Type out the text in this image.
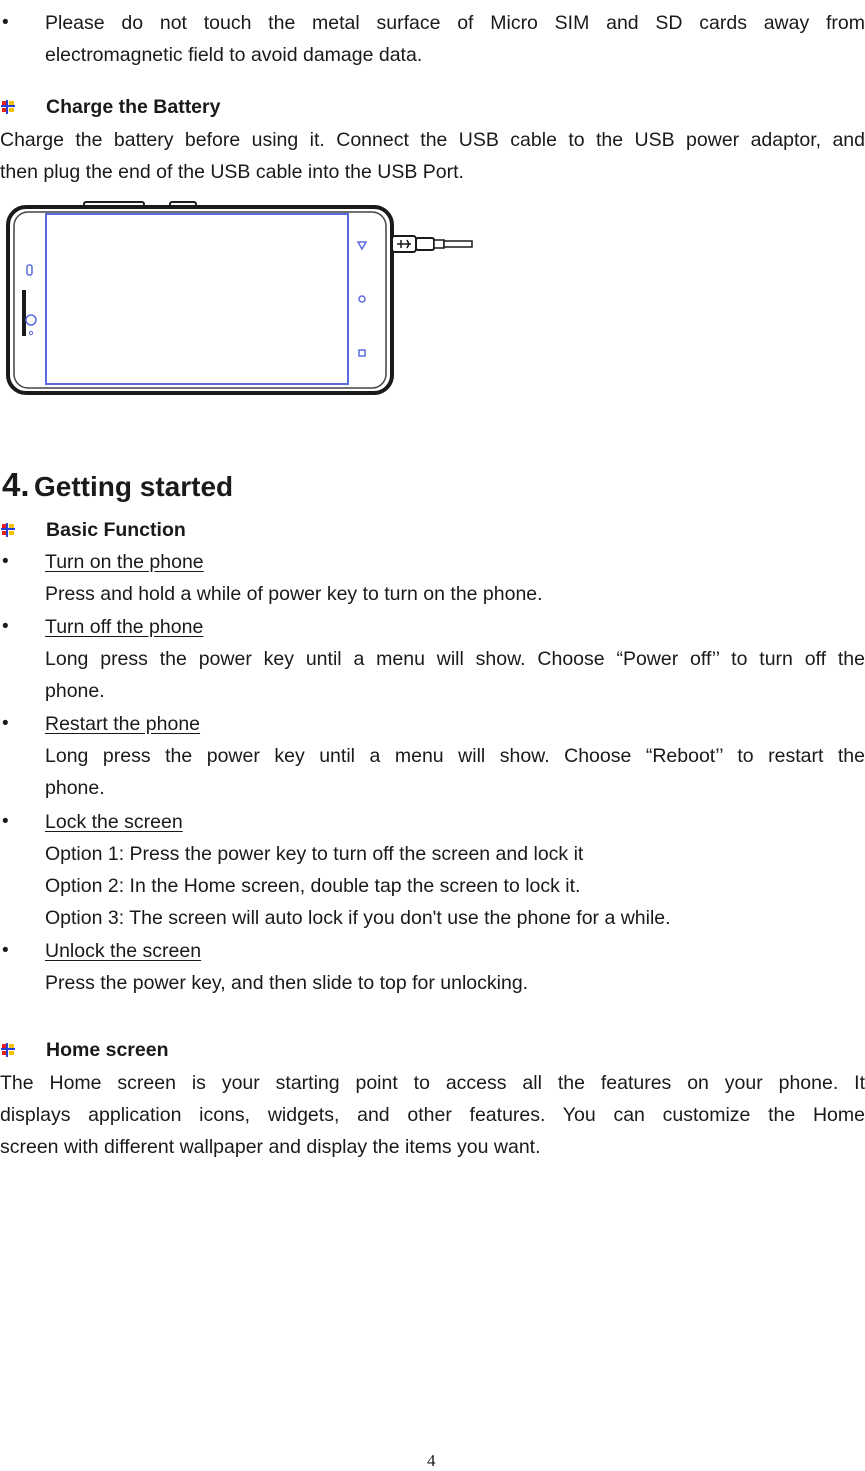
• Please do not touch the metal surface of Micro SIM and SD cards away from
electromagnetic field to avoid damage data.
Charge the Battery
Charge the battery before using it. Connect the USB cable to the USB power adaptor, and
then plug the end of the USB cable into the USB Port.
4. Getting started
Basic Function
• Turn on the phone
Press and hold a while of power key to turn on the phone.
• Turn off the phone
Long press the power key until a menu will show. Choose “Power off’’ to turn off the
phone.
• Restart the phone
Long press the power key until a menu will show. Choose “Reboot’’ to restart the
phone.
• Lock the screen
Option 1: Press the power key to turn off the screen and lock it
Option 2: In the Home screen, double tap the screen to lock it.
Option 3: The screen will auto lock if you don't use the phone for a while.
• Unlock the screen
Press the power key, and then slide to top for unlocking.
Home screen
The Home screen is your starting point to access all the features on your phone. It
displays application icons, widgets, and other features. You can customize the Home
screen with different wallpaper and display the items you want.
4
